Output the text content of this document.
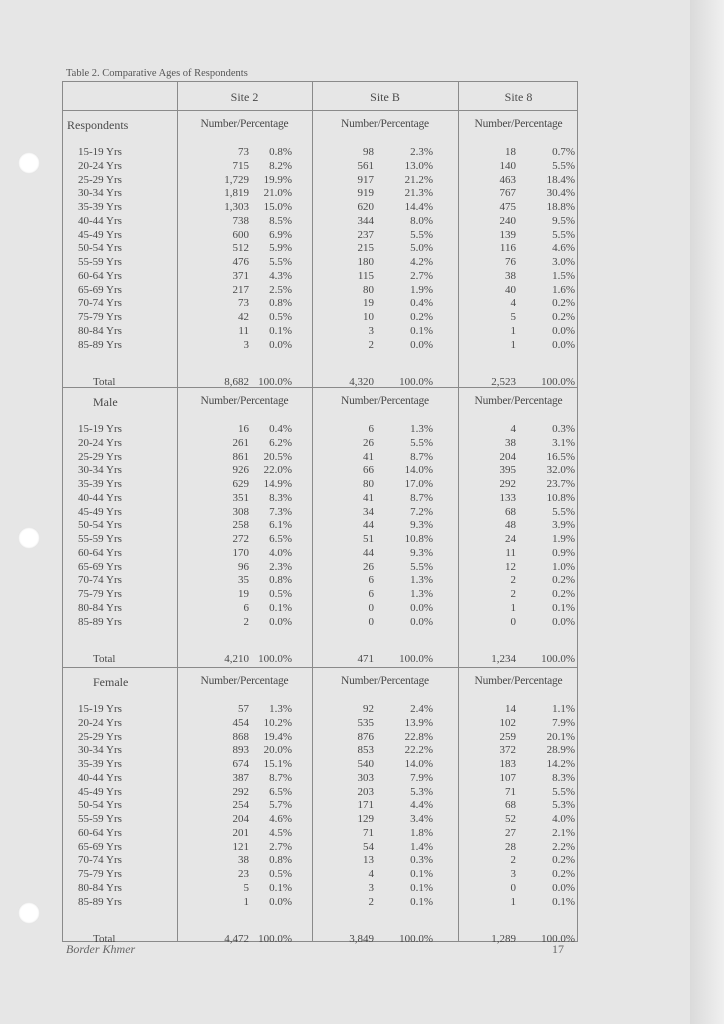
Table 2. Comparative Ages of Respondents
Site 2	Site B	Site 8
Respondents	Number/Percentage	Number/Percentage	Number/Percentage
15-19 Yrs	73 0.8%	98	2.3%	18	0.7%
20-24 Yrs	715 8.2%	561	13.0%	140	5.5%
25-29 Yrs	1,729 19.9%	917	21.2%	463	18.4%
30-34 Yrs	1,819 21.0%	919	21.3%	767	30.4%
35-39 Yrs	1,303 15.0%	620	14.4%	475	18.8%
40-44 Yrs	738 8.5%	344	8.0%	240	9.5%
45-49 Yrs	600 6.9%	237	5.5%	139	5.5%
50-54 Yrs	512 5.9%	215	5.0%	116	4.6%
55-59 Yrs	476 5.5%	180	4.2%	76	3.0%
60-64 Yrs	371 4.3%	115	2.7%	38	1.5%
65-69 Yrs	217 2.5%	80	1.9%	40	1.6%
70-74 Yrs	73 0.8%	19	0.4%	4	0.2%
75-79 Yrs	42 0.5%	10	0.2%	5	0.2%
80-84 Yrs	11 0.1%	3	0.1%	1	0.0%
85-89 Yrs	3 0.0%	2	0.0%	1	0.0%
Total	8,682 100.0%	4,320 100.0%	2,523 100.0%
Male	Number/Percentage	Number/Percentage	Number/Percentage
15-19 Yrs	16 0.4%	6	1.3%	4	0.3%
20-24 Yrs	261 6.2%	26	5.5%	38	3.1%
25-29 Yrs	861 20.5%	41	8.7%	204	16.5%
30-34 Yrs	926 22.0%	66	14.0%	395	32.0%
35-39 Yrs	629 14.9%	80	17.0%	292	23.7%
40-44 Yrs	351 8.3%	41	8.7%	133	10.8%
45-49 Yrs	308 7.3%	34	7.2%	68	5.5%
50-54 Yrs	258 6.1%	44	9.3%	48	3.9%
55-59 Yrs	272 6.5%	51	10.8%	24	1.9%
60-64 Yrs	170 4.0%	44	9.3%	11	0.9%
65-69 Yrs	96 2.3%	26	5.5%	12	1.0%
70-74 Yrs	35 0.8%	6	1.3%	2	0.2%
75-79 Yrs	19 0.5%	6	1.3%	2	0.2%
80-84 Yrs	6 0.1%	0	0.0%	1	0.1%
85-89 Yrs	2 0.0%	0	0.0%	0	0.0%
Total	4,210 100.0%	471 100.0%	1,234 100.0%
Female	Number/Percentage	Number/Percentage	Number/Percentage
15-19 Yrs	57 1.3%	92	2.4%	14	1.1%
20-24 Yrs	454 10.2%	535	13.9%	102	7.9%
25-29 Yrs	868 19.4%	876	22.8%	259	20.1%
30-34 Yrs	893 20.0%	853	22.2%	372	28.9%
35-39 Yrs	674 15.1%	540	14.0%	183	14.2%
40-44 Yrs	387 8.7%	303	7.9%	107	8.3%
45-49 Yrs	292 6.5%	203	5.3%	71	5.5%
50-54 Yrs	254 5.7%	171	4.4%	68	5.3%
55-59 Yrs	204 4.6%	129	3.4%	52	4.0%
60-64 Yrs	201 4.5%	71	1.8%	27	2.1%
65-69 Yrs	121 2.7%	54	1.4%	28	2.2%
70-74 Yrs	38 0.8%	13	0.3%	2	0.2%
75-79 Yrs	23 0.5%	4	0.1%	3	0.2%
80-84 Yrs	5 0.1%	3	0.1%	0	0.0%
85-89 Yrs	1 0.0%	2	0.1%	1	0.1%
Total	4,472 100.0%	3,849 100.0%	1,289 100.0%
Border Khmer	17
